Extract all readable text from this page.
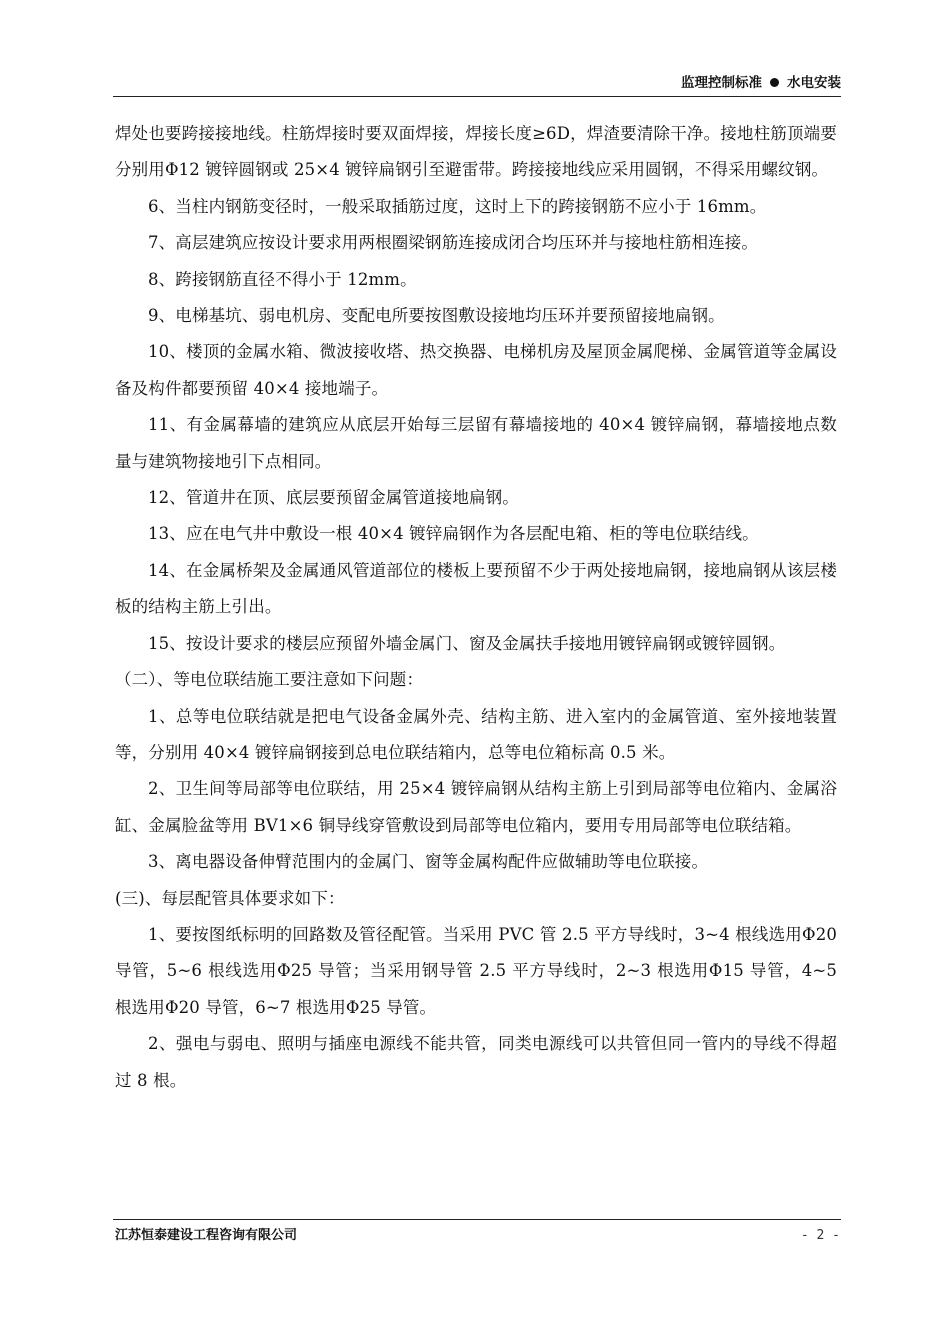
监理控制标准 水电安装

焊处也要跨接接地线。柱筋焊接时要双面焊接，焊接长度≥6D，焊渣要清除干净。接地柱筋顶端要分别用Φ12 镀锌圆钢或 25×4 镀锌扁钢引至避雷带。跨接接地线应采用圆钢，不得采用螺纹钢。

6、当柱内钢筋变径时，一般采取插筋过度，这时上下的跨接钢筋不应小于 16mm。

7、高层建筑应按设计要求用两根圈梁钢筋连接成闭合均压环并与接地柱筋相连接。

8、跨接钢筋直径不得小于 12mm。

9、电梯基坑、弱电机房、变配电所要按图敷设接地均压环并要预留接地扁钢。

10、楼顶的金属水箱、微波接收塔、热交换器、电梯机房及屋顶金属爬梯、金属管道等金属设备及构件都要预留 40×4 接地端子。

11、有金属幕墙的建筑应从底层开始每三层留有幕墙接地的 40×4 镀锌扁钢，幕墙接地点数量与建筑物接地引下点相同。

12、管道井在顶、底层要预留金属管道接地扁钢。

13、应在电气井中敷设一根 40×4 镀锌扁钢作为各层配电箱、柜的等电位联结线。

14、在金属桥架及金属通风管道部位的楼板上要预留不少于两处接地扁钢，接地扁钢从该层楼板的结构主筋上引出。

15、按设计要求的楼层应预留外墙金属门、窗及金属扶手接地用镀锌扁钢或镀锌圆钢。

（二）、等电位联结施工要注意如下问题：

1、总等电位联结就是把电气设备金属外壳、结构主筋、进入室内的金属管道、室外接地装置等，分别用 40×4 镀锌扁钢接到总电位联结箱内，总等电位箱标高 0.5 米。

2、卫生间等局部等电位联结，用 25×4 镀锌扁钢从结构主筋上引到局部等电位箱内、金属浴缸、金属脸盆等用 BV1×6 铜导线穿管敷设到局部等电位箱内，要用专用局部等电位联结箱。

3、离电器设备伸臂范围内的金属门、窗等金属构配件应做辅助等电位联接。

(三)、每层配管具体要求如下：

1、要按图纸标明的回路数及管径配管。当采用 PVC 管 2.5 平方导线时，3~4 根线选用Φ20 导管，5~6 根线选用Φ25 导管；当采用钢导管 2.5 平方导线时，2~3 根选用Φ15 导管，4~5 根选用Φ20 导管，6~7 根选用Φ25 导管。

2、强电与弱电、照明与插座电源线不能共管，同类电源线可以共管但同一管内的导线不得超过 8 根。

江苏恒泰建设工程咨询有限公司	- 2 -
